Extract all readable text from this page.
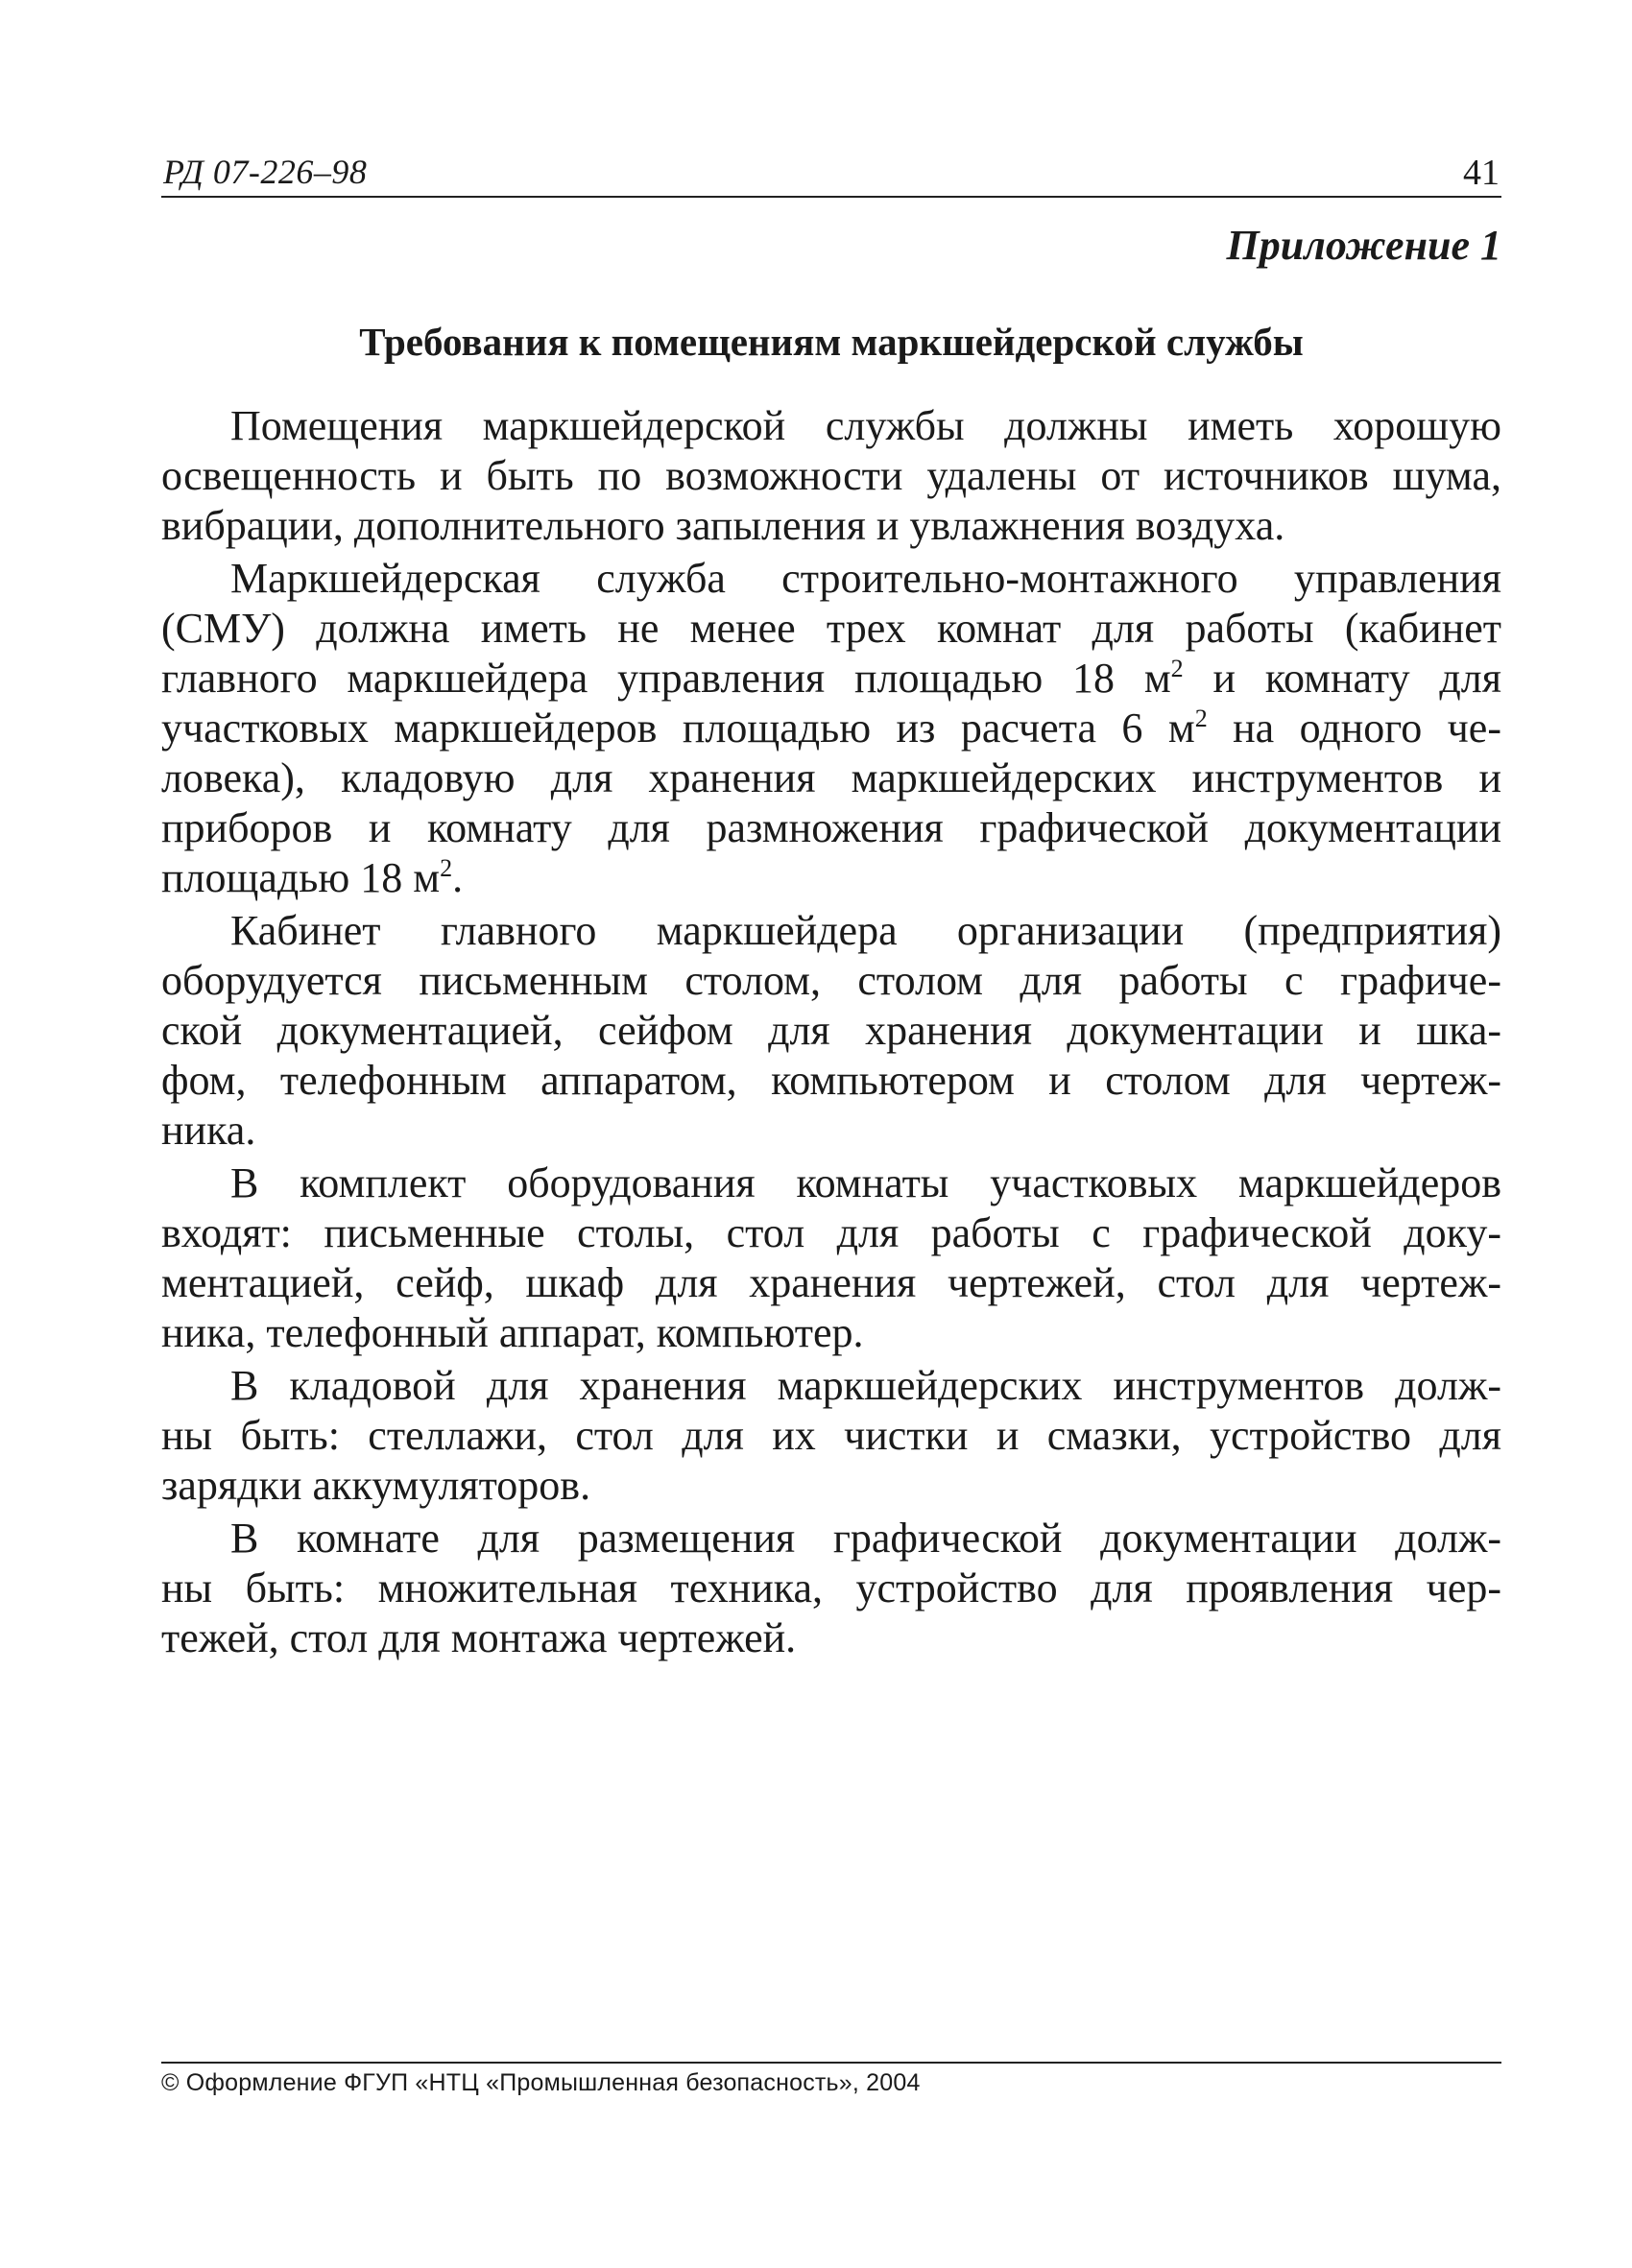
РД 07-226–98	41
Приложение 1
Требования к помещениям маркшейдерской службы

Помещения маркшейдерской службы должны иметь хорошую
освещенность и быть по возможности удалены от источников шума,
вибрации, дополнительного запыления и увлажнения воздуха.

Маркшейдерская служба строительно-монтажного управления
(СМУ) должна иметь не менее трех комнат для работы (кабинет
главного маркшейдера управления площадью 18 $м^2$ и комнату для
участковых маркшейдеров площадью из расчета 6 $м^2$ на одного че-
ловека), кладовую для хранения маркшейдерских инструментов и
приборов и комнату для размножения графической документации
площадью 18 $м^2$.

Кабинет главного маркшейдера организации (предприятия)
оборудуется письменным столом, столом для работы с графиче-
ской документацией, сейфом для хранения документации и шка-
фом, телефонным аппаратом, компьютером и столом для чертеж-
ника.

В комплект оборудования комнаты участковых маркшейдеров
входят: письменные столы, стол для работы с графической доку-
ментацией, сейф, шкаф для хранения чертежей, стол для чертеж-
ника, телефонный аппарат, компьютер.

В кладовой для хранения маркшейдерских инструментов долж-
ны быть: стеллажи, стол для их чистки и смазки, устройство для
зарядки аккумуляторов.

В комнате для размещения графической документации долж-
ны быть: множительная техника, устройство для проявления чер-
тежей, стол для монтажа чертежей.

© Оформление ФГУП «НТЦ «Промышленная безопасность», 2004
